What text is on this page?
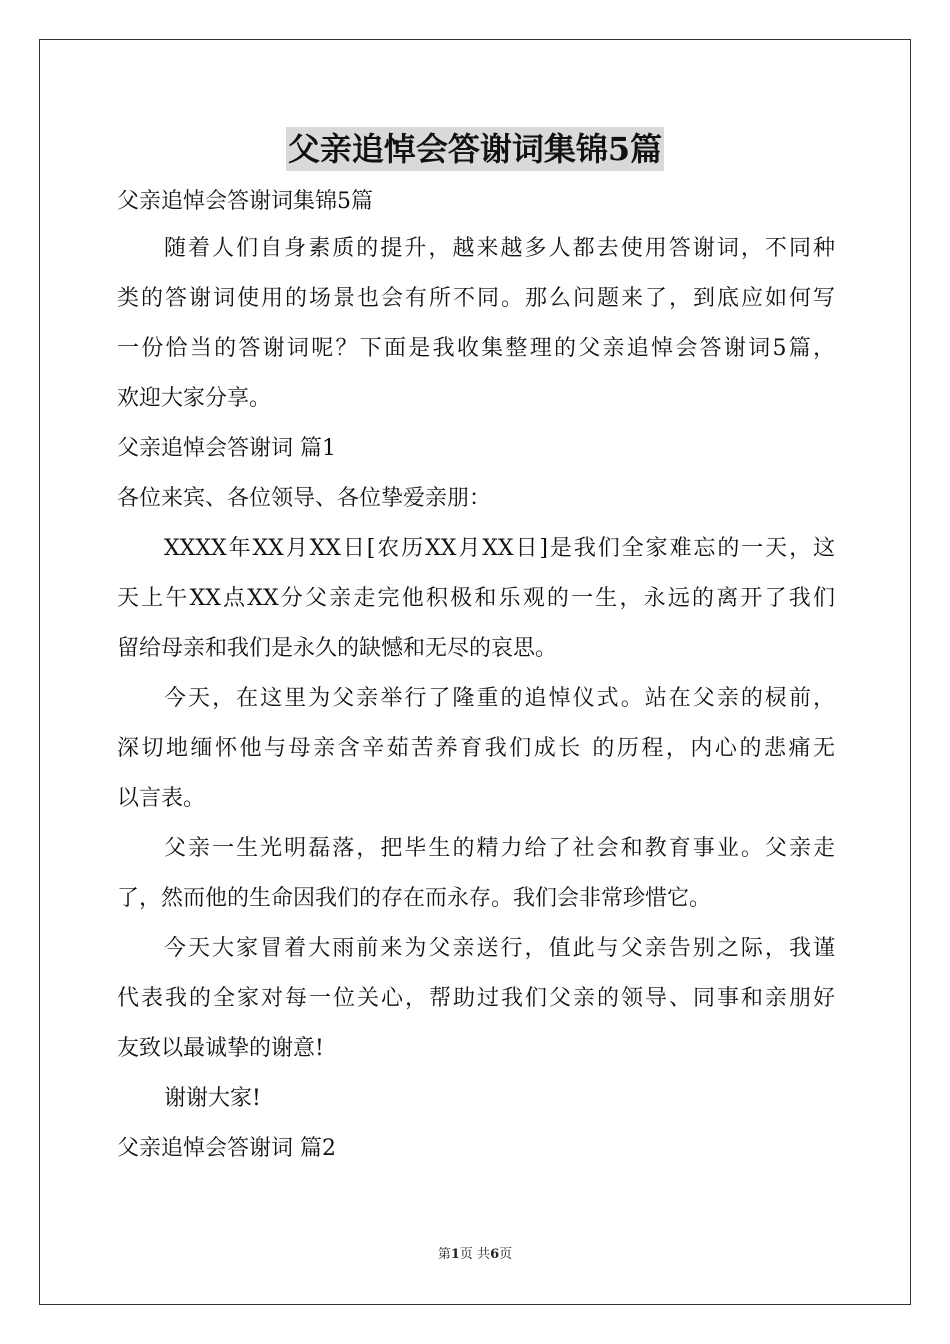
父亲追悼会答谢词集锦5篇
父亲追悼会答谢词集锦5篇
随着人们自身素质的提升，越来越多人都去使用答谢词，不同种
类的答谢词使用的场景也会有所不同。那么问题来了，到底应如何写
一份恰当的答谢词呢？下面是我收集整理的父亲追悼会答谢词5篇，
欢迎大家分享。
父亲追悼会答谢词 篇1
各位来宾、各位领导、各位挚爱亲朋：
XXXX年XX月XX日[农历XX月XX日]是我们全家难忘的一天，这
天上午XX点XX分父亲走完他积极和乐观的一生，永远的离开了我们
留给母亲和我们是永久的缺憾和无尽的哀思。
今天，在这里为父亲举行了隆重的追悼仪式。站在父亲的棂前，
深切地缅怀他与母亲含辛茹苦养育我们成长 的历程，内心的悲痛无
以言表。
父亲一生光明磊落，把毕生的精力给了社会和教育事业。父亲走
了，然而他的生命因我们的存在而永存。我们会非常珍惜它。
今天大家冒着大雨前来为父亲送行，值此与父亲告别之际，我谨
代表我的全家对每一位关心，帮助过我们父亲的领导、同事和亲朋好
友致以最诚挚的谢意!
谢谢大家!
父亲追悼会答谢词 篇2
第1页 共6页
